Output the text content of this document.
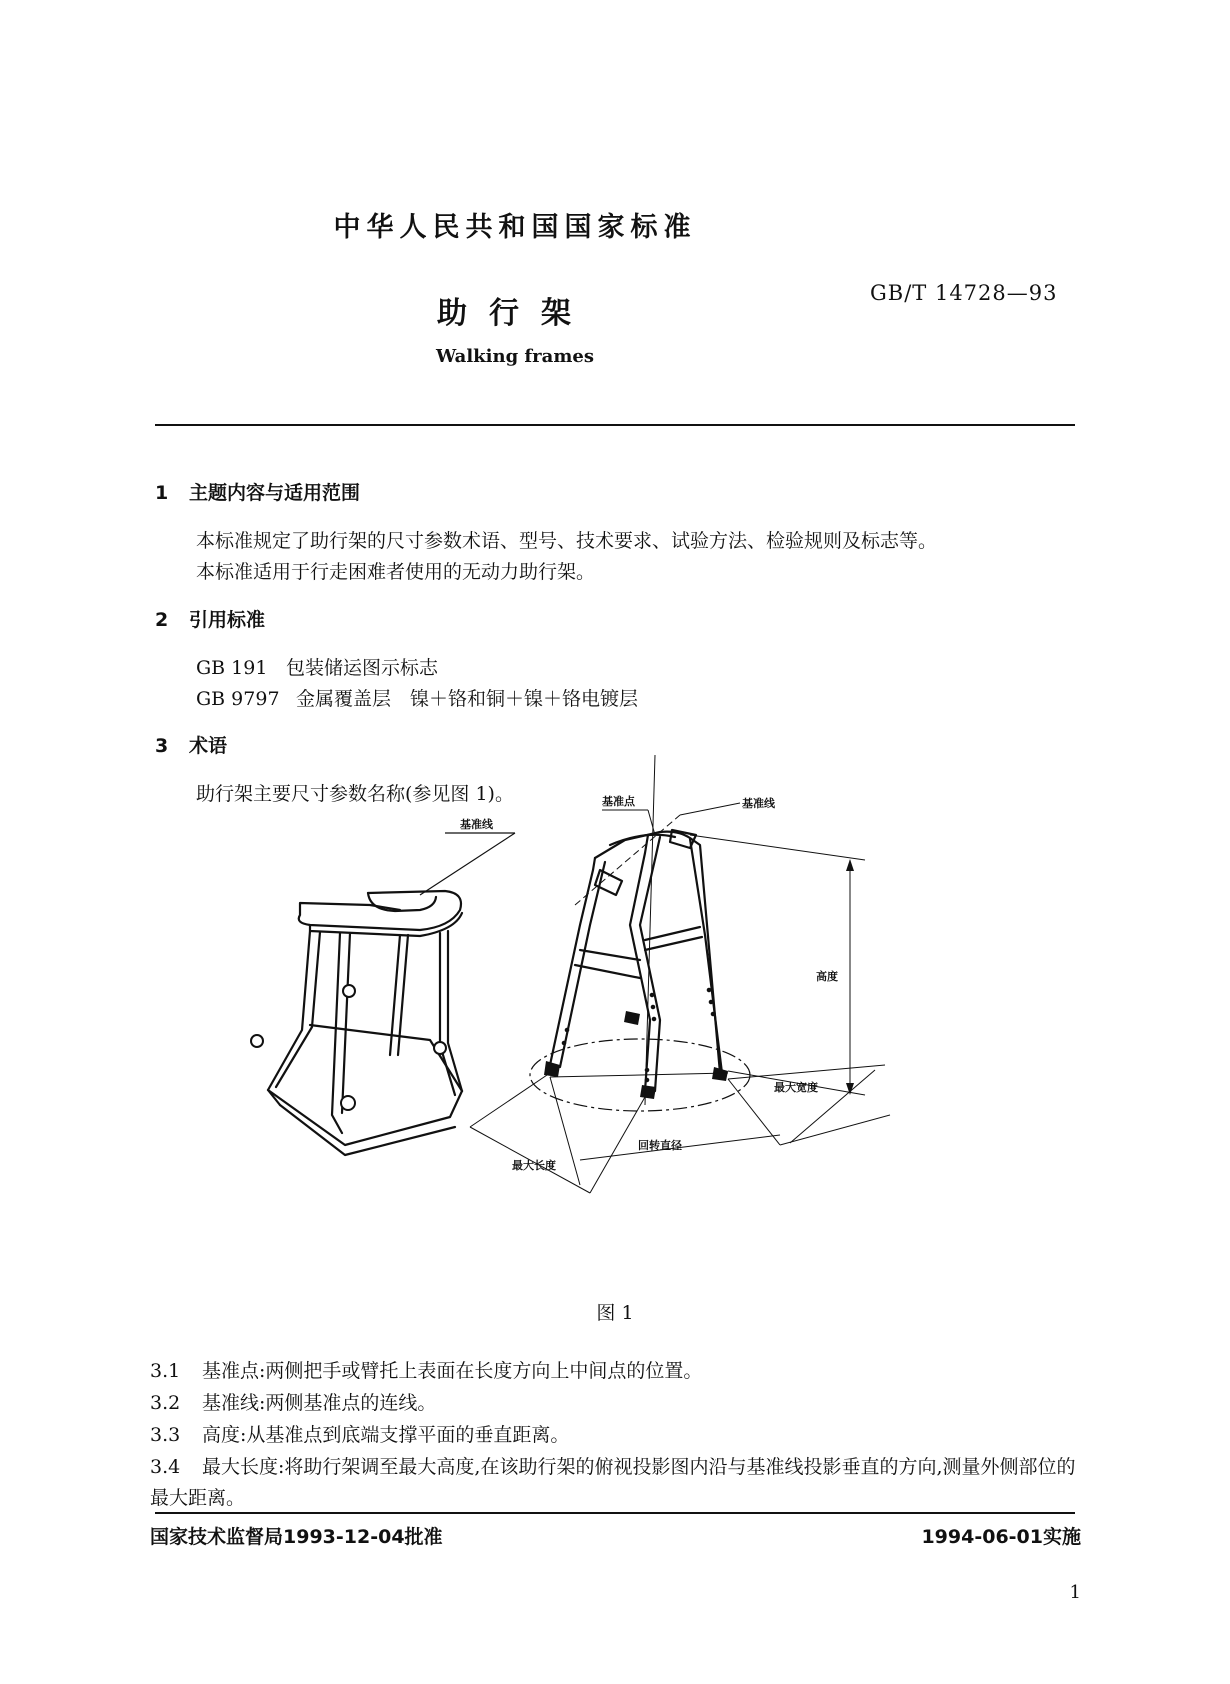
中华人民共和国国家标准
助行架
GB/T 14728—93
Walking frames
1 主题内容与适用范围
本标准规定了助行架的尺寸参数术语、型号、技术要求、试验方法、检验规则及标志等。
本标准适用于行走困难者使用的无动力助行架。
2 引用标准
GB 191 包装储运图示标志
GB 9797 金属覆盖层　镍＋铬和铜＋镍＋铬电镀层
3 术语
助行架主要尺寸参数名称(参见图 1)。
基准线
基准线
基准点
高度
最大宽度
回转直径
最大长度
图 1
3.1 基准点:两侧把手或臂托上表面在长度方向上中间点的位置。
3.2 基准线:两侧基准点的连线。
3.3 高度:从基准点到底端支撑平面的垂直距离。
3.4 最大长度:将助行架调至最大高度,在该助行架的俯视投影图内沿与基准线投影垂直的方向,测量外侧部位的最大距离。
国家技术监督局1993-12-04批准	1994-06-01实施
1
